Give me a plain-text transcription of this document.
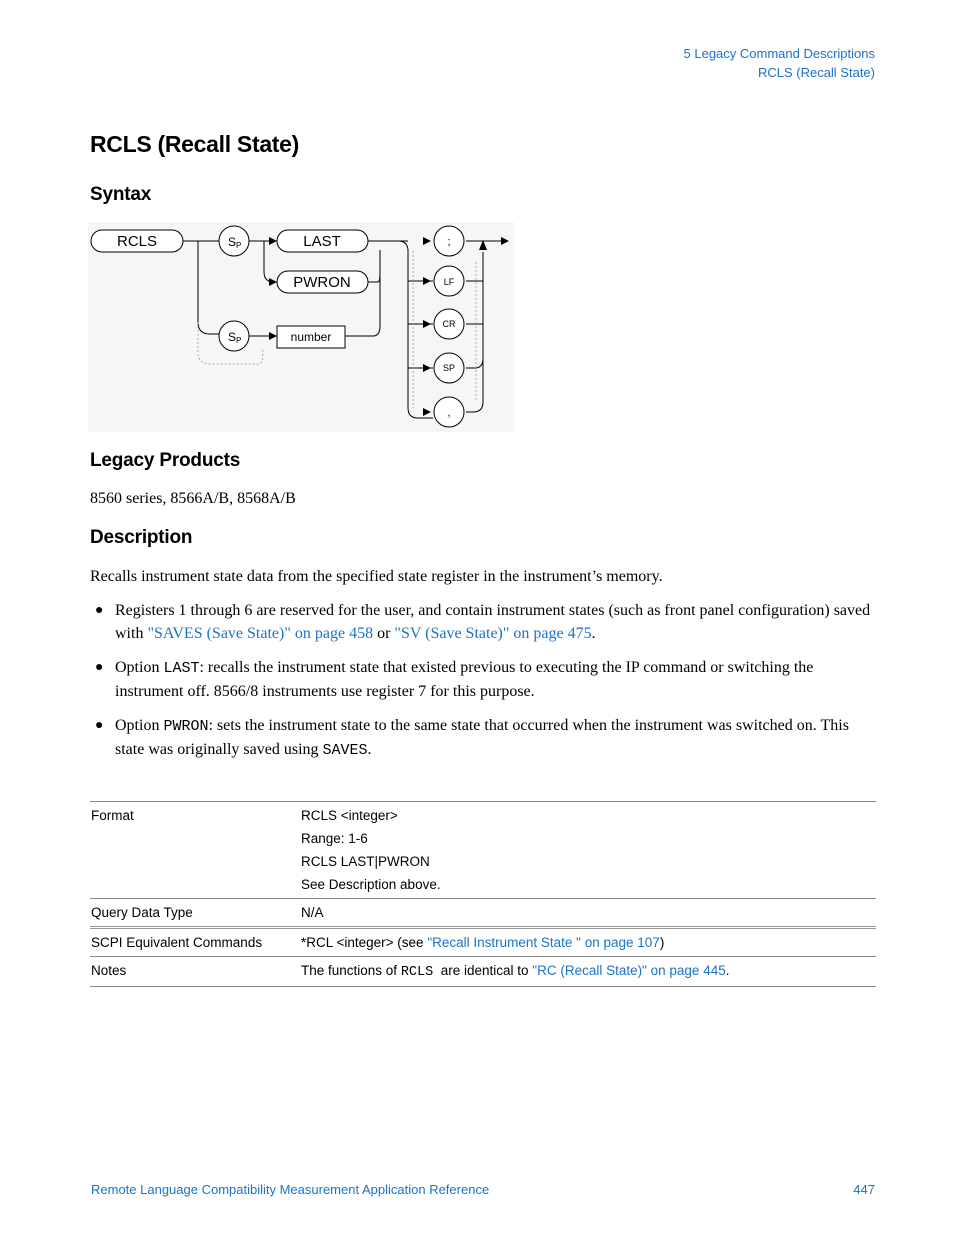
5 Legacy Command Descriptions
RCLS (Recall State)
RCLS (Recall State)
Syntax
RCLS	SP
SP
LAST
PWRON
number
;
LF
CR
SP
,
Legacy Products
8560 series, 8566A/B, 8568A/B
Description
Recalls instrument state data from the specified state register in the instrument’s memory.
● Registers 1 through 6 are reserved for the user, and contain instrument states (such as front panel configuration) saved with "SAVES (Save State)" on page 458 or "SV (Save State)" on page 475.
● Option LAST: recalls the instrument state that existed previous to executing the IP command or switching the instrument off. 8566/8 instruments use register 7 for this purpose.
● Option PWRON: sets the instrument state to the same state that occurred when the instrument was switched on. This state was originally saved using SAVES.
Format	RCLS <integer>
Range: 1-6
RCLS LAST|PWRON
See Description above.

Query Data Type	N/A
SCPI Equivalent Commands	*RCL <integer> (see "Recall Instrument State " on page 107)
Notes	The functions of RCLS  are identical to "RC (Recall State)" on page 445.
Remote Language Compatibility Measurement Application Reference	447
